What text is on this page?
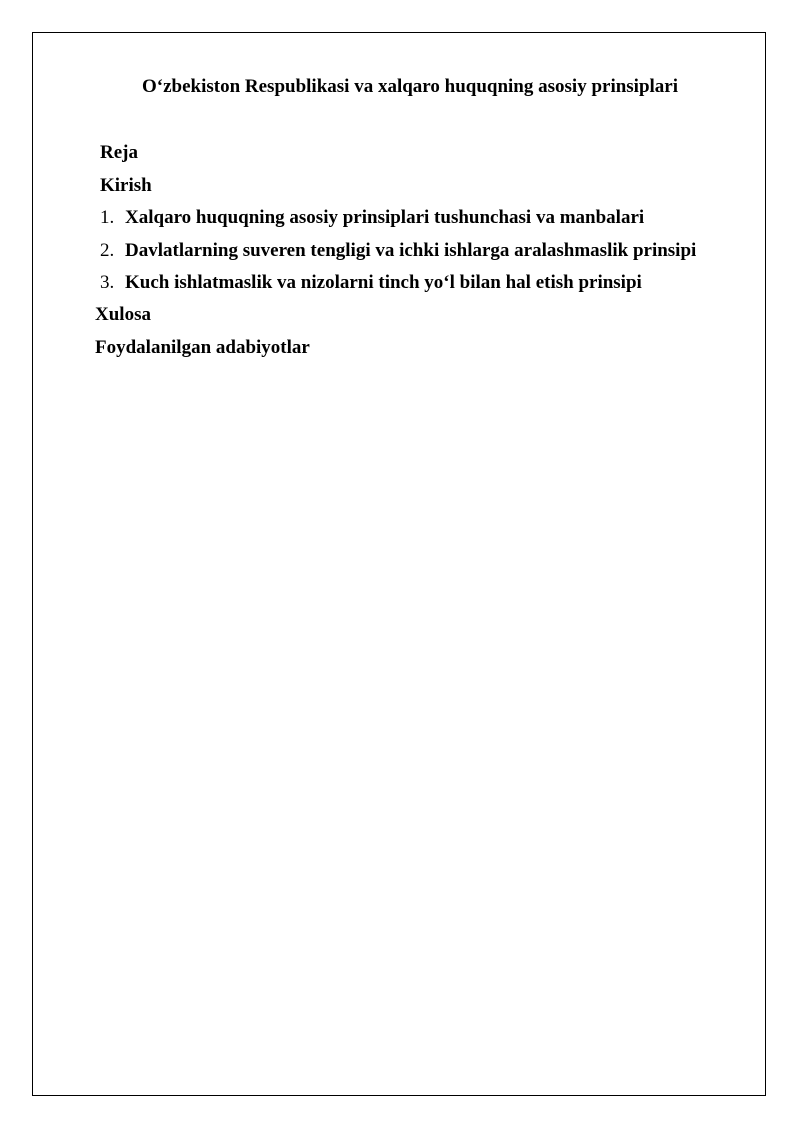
O‘zbekiston Respublikasi va xalqaro huquqning asosiy prinsiplari
Reja
Kirish
1. Xalqaro huquqning asosiy prinsiplari tushunchasi va manbalari
2. Davlatlarning suveren tengligi va ichki ishlarga aralashmaslik prinsipi
3. Kuch ishlatmaslik va nizolarni tinch yo‘l bilan hal etish prinsipi
Xulosa
Foydalanilgan adabiyotlar
